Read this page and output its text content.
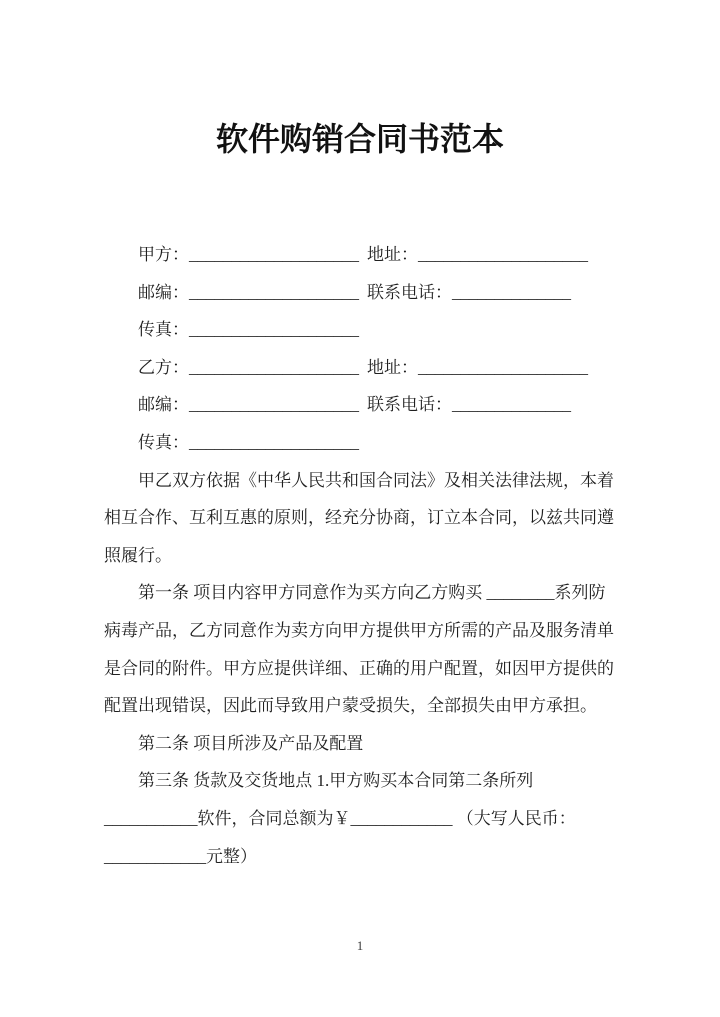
软件购销合同书范本
甲方：____________________ 地址：____________________
邮编：____________________ 联系电话：______________
传真：____________________
乙方：____________________ 地址：____________________
邮编：____________________ 联系电话：______________
传真：____________________

甲乙双方依据《中华人民共和国合同法》及相关法律法规，本着相互合作、互利互惠的原则，经充分协商，订立本合同，以兹共同遵照履行。

第一条 项目内容甲方同意作为买方向乙方购买 ________系列防病毒产品，乙方同意作为卖方向甲方提供甲方所需的产品及服务清单是合同的附件。甲方应提供详细、正确的用户配置，如因甲方提供的配置出现错误，因此而导致用户蒙受损失，全部损失由甲方承担。

第二条 项目所涉及产品及配置

第三条 货款及交货地点 1.甲方购买本合同第二条所列___________软件，合同总额为￥____________ （大写人民币：____________元整）

1
